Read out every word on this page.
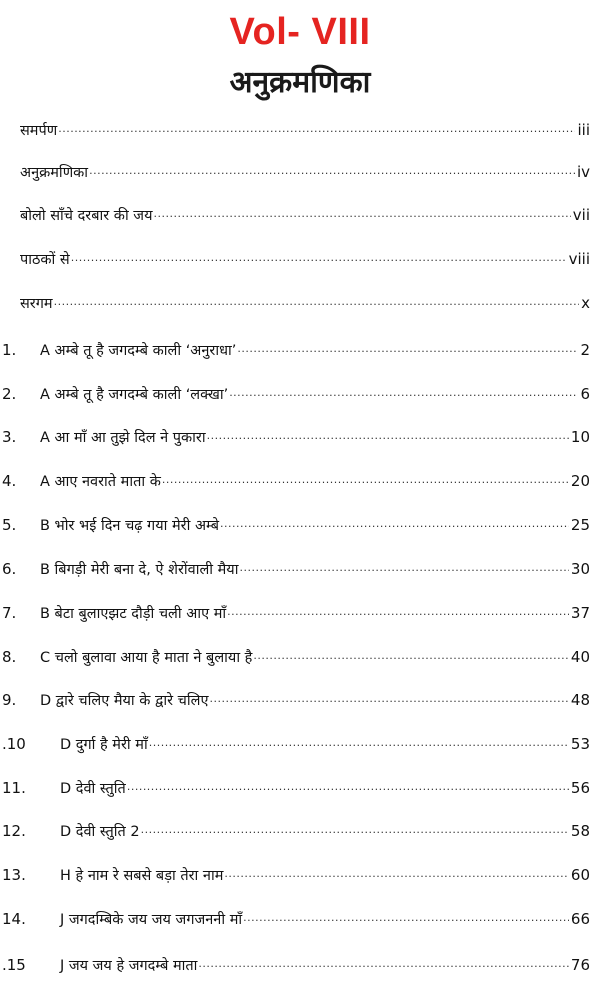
Vol- VIII
अनुक्रमणिका
समर्पण .....	iii
अनुक्रमणिका .....	iv
बोलो साँचे दरबार की जय .....	vii
पाठकों से .....	viii
सरगम .....	x
1.	A अम्बे तू है जगदम्बे काली ‘अनुराधा’ .....	2
2.	A अम्बे तू है जगदम्बे काली ‘लक्खा’ .....	6
3.	A आ माँ आ तुझे दिल ने पुकारा .....	10
4.	A आए नवराते माता के .....	20
5.	B भोर भई दिन चढ़ गया मेरी अम्बे .....	25
6.	B बिगड़ी मेरी बना दे, ऐ शेरोंवाली मैया .....	30
7.	B बेटा बुलाएझट दौड़ी चली आए माँ .....	37
8.	C चलो बुलावा आया है माता ने बुलाया है .....	40
9.	D द्वारे चलिए मैया के द्वारे चलिए .....	48
.10	D दुर्गा है मेरी माँ .....	53
11.	D देवी स्तुति .....	56
12.	D देवी स्तुति 2 .....	58
13.	H हे नाम रे सबसे बड़ा तेरा नाम .....	60
14.	J जगदम्बिके जय जय जगजननी माँ .....	66
.15	J जय जय हे जगदम्बे माता .....	76
